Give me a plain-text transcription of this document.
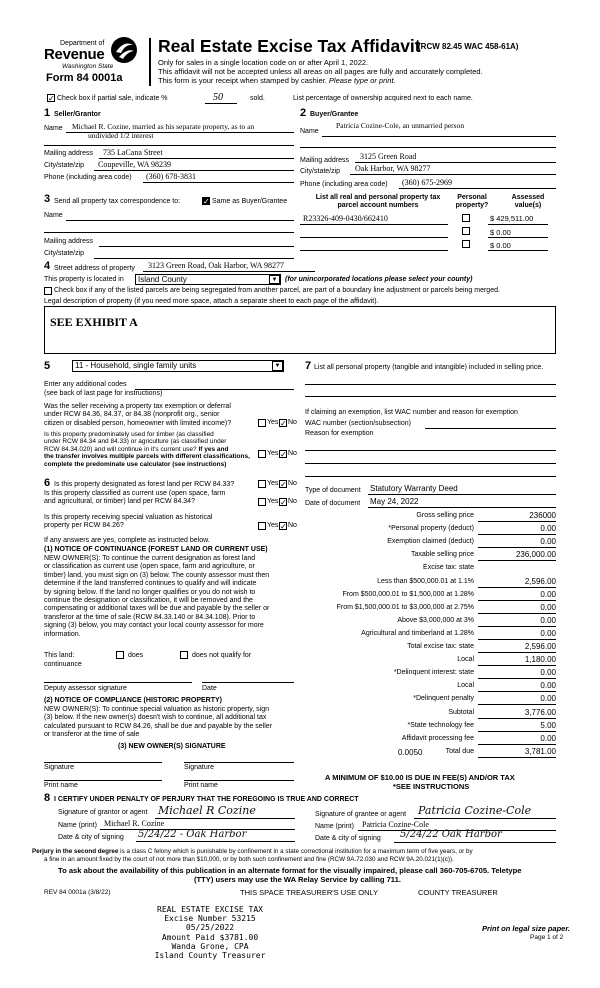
Department of
Revenue
Washington State
Form 84 0001a
Real Estate Excise Tax Affidavit
(RCW 82.45 WAC 458-61A)
Only for sales in a single location code on or after April 1, 2022.
This affidavit will not be accepted unless all areas on all pages are fully and accurately completed.
This form is your receipt when stamped by cashier. Please type or print.
✓ Check box if partial sale, indicate %	50	sold.	List percentage of ownership acquired next to each name.
1 Seller/Grantor
Name Michael R. Cozine, married as his separate property, as to an
undivided 1/2 interest
Mailing address 735 LaCana Street
City/state/zip Coupeville, WA 98239
Phone (including area code) (360) 678-3831
2 Buyer/Grantee
Name
Patricia Cozine-Cole, an unmarried person
Mailing address 3125 Green Road
City/state/zip Oak Harbor, WA 98277
Phone (including area code) (360) 675-2969
3 Send all property tax correspondence to:	✓ Same as Buyer/Grantee
Name
Mailing address
City/state/zip
List all real and personal property tax
parcel account numbers
Personal
property?
Assessed
value(s)
R23326-409-0430/662410	$ 429,511.00
$ 0.00
$ 0.00
4 Street address of property 3123 Green Road, Oak Harbor, WA 98277
This property is located in Island County	▼	(for unincorporated locations please select your county)
Check box if any of the listed parcels are being segregated from another parcel, are part of a boundary line adjustment or parcels being merged.
Legal description of property (if you need more space, attach a separate sheet to each page of the affidavit).
SEE EXHIBIT A
5	11 - Household, single family units	▼
Enter any additional codes
(see back of last page for instructions)
Was the seller receiving a property tax exemption or deferral
under RCW 84.36, 84.37, or 84.38 (nonprofit org., senior
citizen or disabled person, homeowner with limited income)?	Yes ✓ No
Is this property predominately used for timber (as classified
under RCW 84.34 and 84.33) or agriculture (as classified under
RCW 84.34.020) and will continue in it's current use? If yes and
the transfer involves multiple parcels with different classifications,
complete the predominate use calculator (see instructions)
Yes ✓ No
7 List all personal property (tangible and intangible) included in selling price.
If claiming an exemption, list WAC number and reason for exemption
WAC number (section/subsection)
Reason for exemption
6 Is this property designated as forest land per RCW 84.33?	Yes ✓ No
Is this property classified as current use (open space, farm
and agricultural, or timber) land per RCW 84.34?	Yes ✓ No
Is this property receiving special valuation as historical
property per RCW 84.26?	Yes ✓ No
If any answers are yes, complete as instructed below.
(1) NOTICE OF CONTINUANCE (FOREST LAND OR CURRENT USE)
NEW OWNER(S): To continue the current designation as forest land
or classification as current use (open space, farm and agriculture, or
timber) land, you must sign on (3) below. The county assessor must then
determine if the land transferred continues to qualify and will indicate
by signing below. If the land no longer qualifies or you do not wish to
continue the designation or classification, it will be removed and the
compensating or additional taxes will be due and payable by the seller or
transferor at the time of sale (RCW 84.33.140 or 84.34.108). Prior to
signing (3) below, you may contact your local county assessor for more
information.
This land:	does	does not qualify for
continuance
Deputy assessor signature	Date
(2) NOTICE OF COMPLIANCE (HISTORIC PROPERTY)
NEW OWNER(S): To continue special valuation as historic property, sign
(3) below. If the new owner(s) doesn't wish to continue, all additional tax
calculated pursuant to RCW 84.26, shall be due and payable by the seller
or transferor at the time of sale
(3) NEW OWNER(S) SIGNATURE
Signature	Signature
Print name	Print name
Type of document Statutory Warranty Deed
Date of document May 24, 2022
Gross selling price	236000
*Personal property (deduct)	0.00
Exemption claimed (deduct)	0.00
Taxable selling price	236,000.00
Excise tax: state
Less than $500,000.01 at 1.1%	2,596.00
From $500,000.01 to $1,500,000 at 1.28%	0.00
From $1,500,000.01 to $3,000,000 at 2.75%	0.00
Above $3,000,000 at 3%	0.00
Agricultural and timberland at 1.28%	0.00
Total excise tax: state	2,596.00
Local	1,180.00
*Delinquent interest: state	0.00
Local	0.00
*Delinquent penalty	0.00
Subtotal	3,776.00
*State technology fee	5.00
Affidavit processing fee	0.00
Total due	3,781.00
0.0050
A MINIMUM OF $10.00 IS DUE IN FEE(S) AND/OR TAX
*SEE INSTRUCTIONS
8 I CERTIFY UNDER PENALTY OF PERJURY THAT THE FOREGOING IS TRUE AND CORRECT
Signature of grantor or agent Michael R Cozine
Name (print) Michael R. Cozine
Date & city of signing 5/24/22 - Oak Harbor
Signature of grantee or agent Patricia Cozine-Cole
Name (print) Patricia Cozine-Cole
Date & city of signing 5/24/22 Oak Harbor
Perjury in the second degree is a class C felony which is punishable by confinement in a state correctional institution for a maximum term of five years, or by
a fine in an amount fixed by the court of not more than $10,000, or by both such confinement and fine (RCW 9A.72.030 and RCW 9A.20.021(1)(c)).
To ask about the availability of this publication in an alternate format for the visually impaired, please call 360-705-6705. Teletype
(TTY) users may use the WA Relay Service by calling 711.
REV 84 0001a (3/8/22)	THIS SPACE TREASURER'S USE ONLY	COUNTY TREASURER
REAL ESTATE EXCISE TAX
Excise Number 53215
05/25/2022
Amount Paid $3781.00
Wanda Grone, CPA
Island County Treasurer
Print on legal size paper.
Page 1 of 2
